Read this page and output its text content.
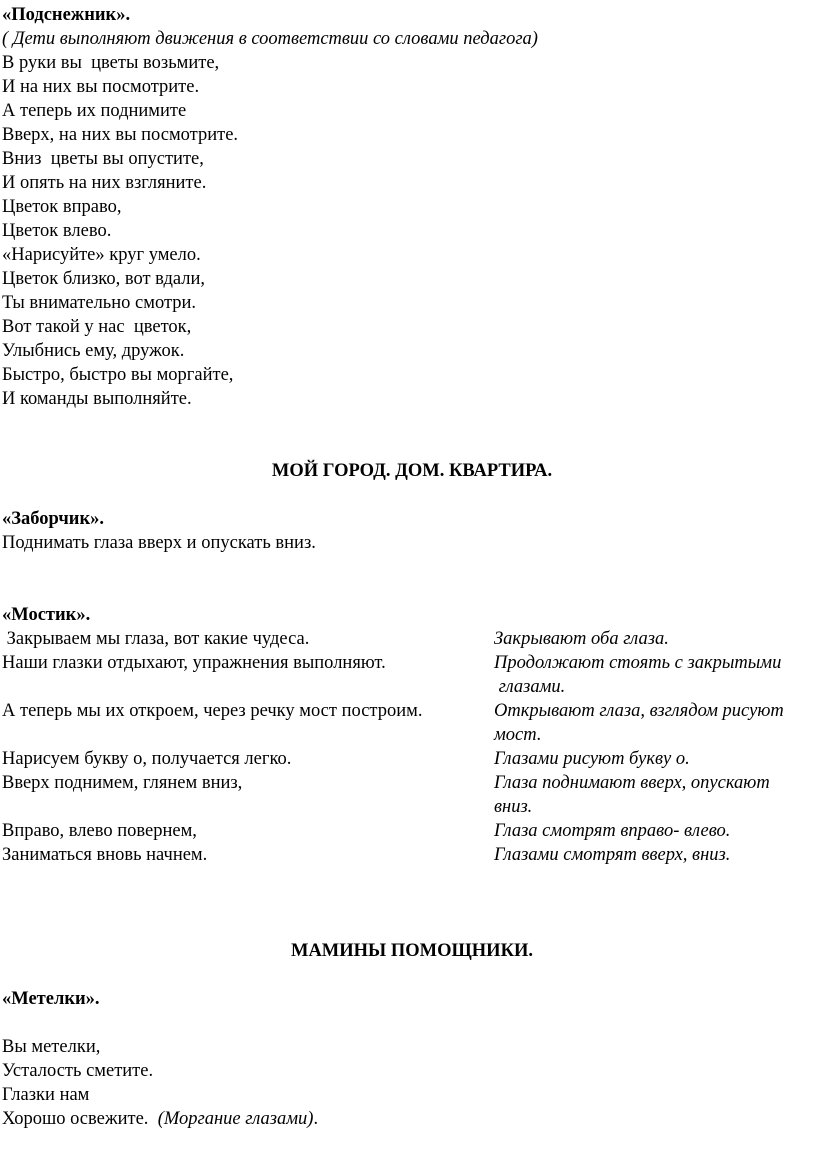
«Подснежник».
( Дети выполняют движения в соответствии со словами педагога)
В руки вы  цветы возьмите,
И на них вы посмотрите.
А теперь их поднимите
Вверх, на них вы посмотрите.
Вниз  цветы вы опустите,
И опять на них взгляните.
Цветок вправо,
Цветок влево.
«Нарисуйте» круг умело.
Цветок близко, вот вдали,
Ты внимательно смотри.
Вот такой у нас  цветок,
Улыбнись ему, дружок.
Быстро, быстро вы моргайте,
И команды выполняйте.
МОЙ ГОРОД. ДОМ. КВАРТИРА.
«Заборчик».
Поднимать глаза вверх и опускать вниз.
«Мостик».
Закрываем мы глаза, вот какие чудеса.	Закрывают оба глаза.
Наши глазки отдыхают, упражнения выполняют.	Продолжают стоять с закрытыми
глазами.
А теперь мы их откроем, через речку мост построим.	Открывают глаза, взглядом рисуют
мост.
Нарисуем букву о, получается легко.	Глазами рисуют букву о.
Вверх поднимем, глянем вниз,	Глаза поднимают вверх, опускают
вниз.
Вправо, влево повернем,	Глаза смотрят вправо- влево.
Заниматься вновь начнем.	Глазами смотрят вверх, вниз.
МАМИНЫ ПОМОЩНИКИ.
«Метелки».
Вы метелки,
Усталость сметите.
Глазки нам
Хорошо освежите.  (Моргание глазами).
